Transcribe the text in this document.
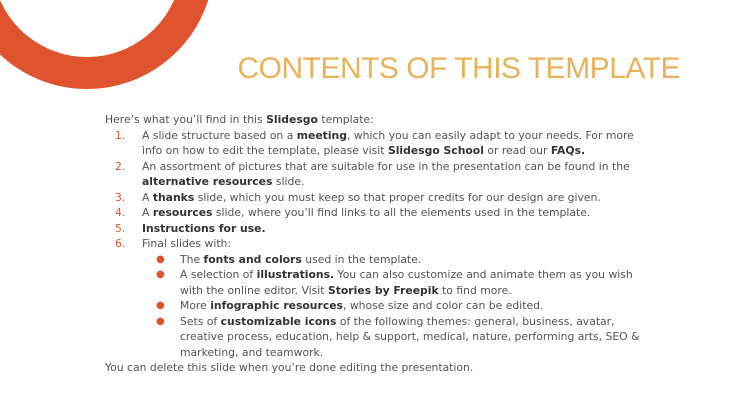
CONTENTS OF THIS TEMPLATE
Here’s what you’ll find in this Slidesgo template:
1. A slide structure based on a meeting, which you can easily adapt to your needs. For more info on how to edit the template, please visit Slidesgo School or read our FAQs.
2. An assortment of pictures that are suitable for use in the presentation can be found in the alternative resources slide.
3. A thanks slide, which you must keep so that proper credits for our design are given.
4. A resources slide, where you’ll find links to all the elements used in the template.
5. Instructions for use.
6. Final slides with:
● The fonts and colors used in the template.
● A selection of illustrations. You can also customize and animate them as you wish with the online editor. Visit Stories by Freepik to find more.
● More infographic resources, whose size and color can be edited.
● Sets of customizable icons of the following themes: general, business, avatar, creative process, education, help & support, medical, nature, performing arts, SEO & marketing, and teamwork.
You can delete this slide when you’re done editing the presentation.
